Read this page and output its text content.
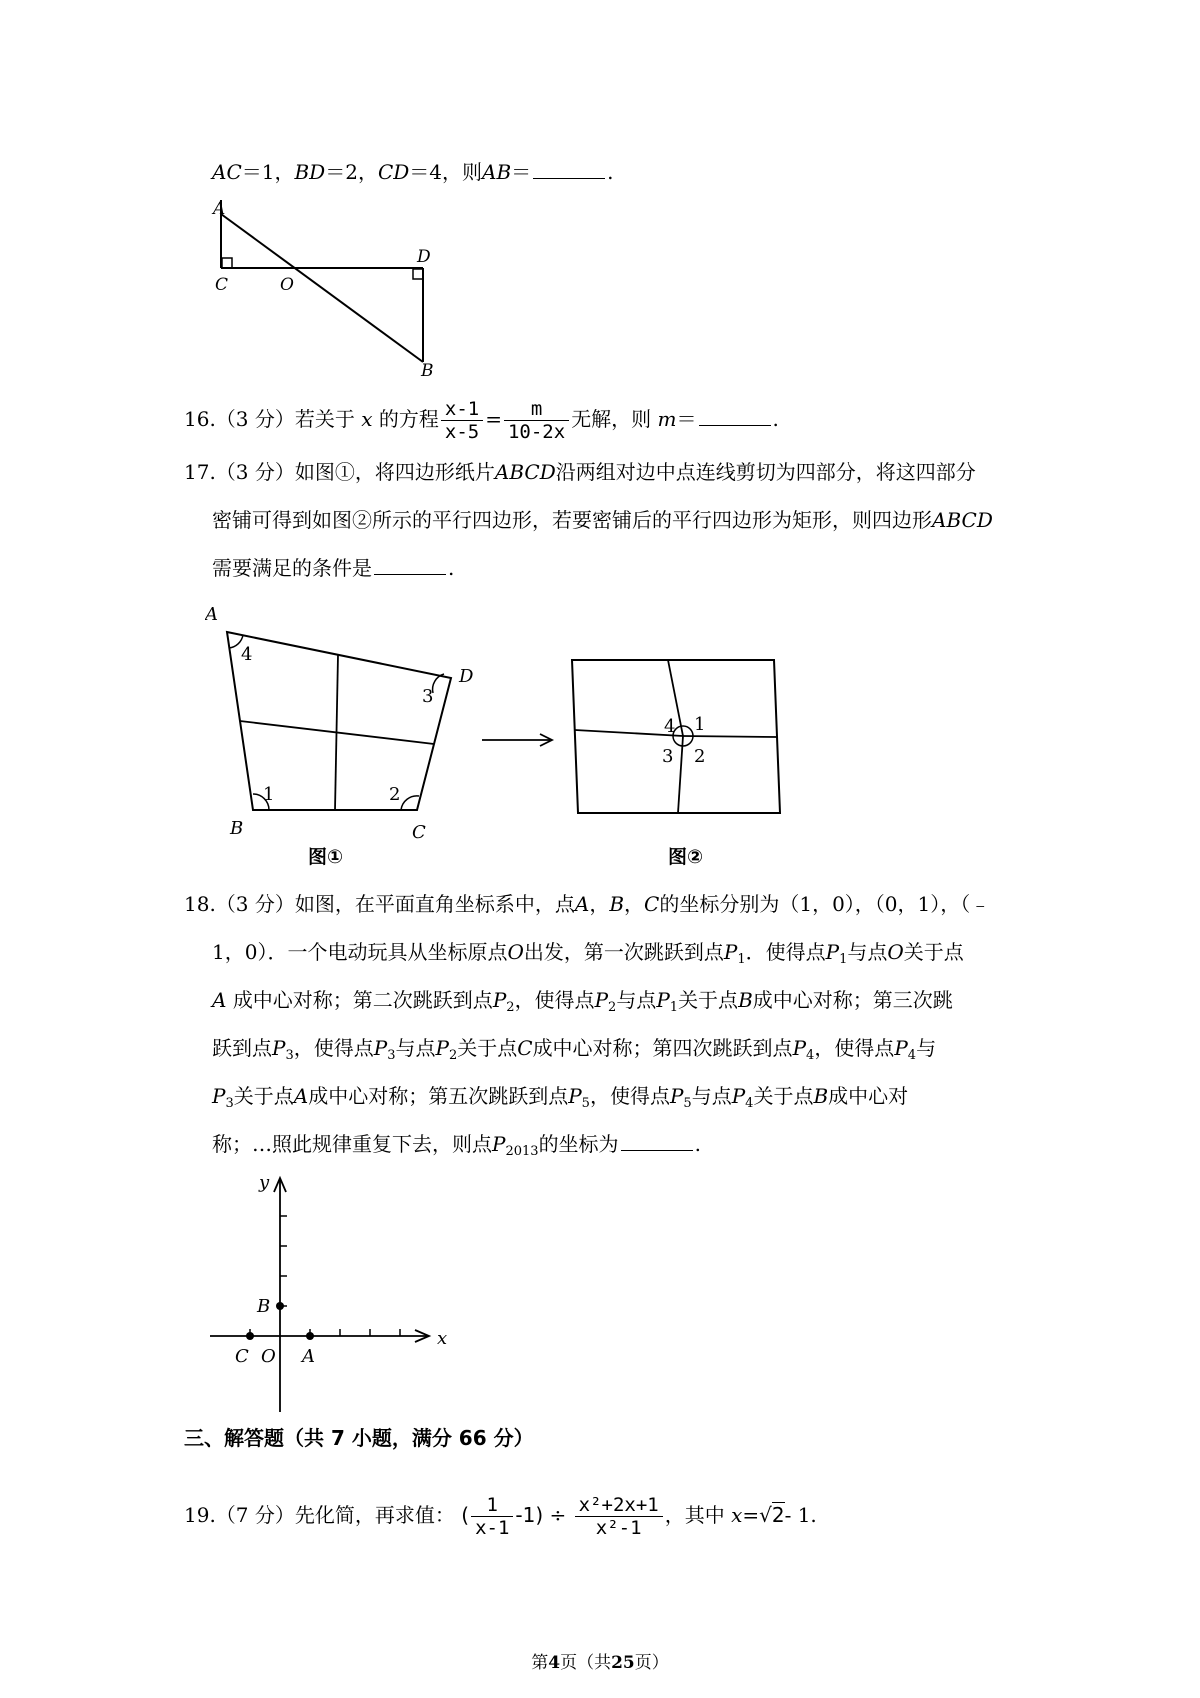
AC＝1，BD＝2，CD＝4，则AB＝	.
A
C	O
D
B
16.（3 分）若关于 x 的方程 $\frac{x-1}{x-5} = \frac{m}{10-2x}$ 无解，则 m＝	.
17.（3 分）如图①，将四边形纸片ABCD沿两组对边中点连线剪切为四部分，将这四部分
密铺可得到如图②所示的平行四边形，若要密铺后的平行四边形为矩形，则四边形ABCD
需要满足的条件是	.
A
4
3
D
1	2
B	C
图①
4 1
3 2
图②
18.（3 分）如图，在平面直角坐标系中，点A，B，C的坐标分别为（1，0），（0，1），（﹣
1，0）．一个电动玩具从坐标原点O出发，第一次跳跃到点$P_1$．使得点$P_1$与点O关于点
A 成中心对称；第二次跳跃到点$P_2$，使得点$P_2$与点$P_1$关于点B成中心对称；第三次跳
跃到点$P_3$，使得点$P_3$与点$P_2$关于点C成中心对称；第四次跳跃到点$P_4$，使得点$P_4$与
$P_3$关于点A成中心对称；第五次跳跃到点$P_5$，使得点$P_5$与点$P_4$关于点B成中心对
称；…照此规律重复下去，则点$P_{2013}$的坐标为	.
y
x
B
C O A
三、解答题（共 7 小题，满分 66 分）
19.（7 分）先化简，再求值： ( $\frac{1}{x-1} -1) \div \frac{\text{x²+2x+1}}{\text{x²-1}}$ ，其中 x=√2- 1.
第4页（共25页）
